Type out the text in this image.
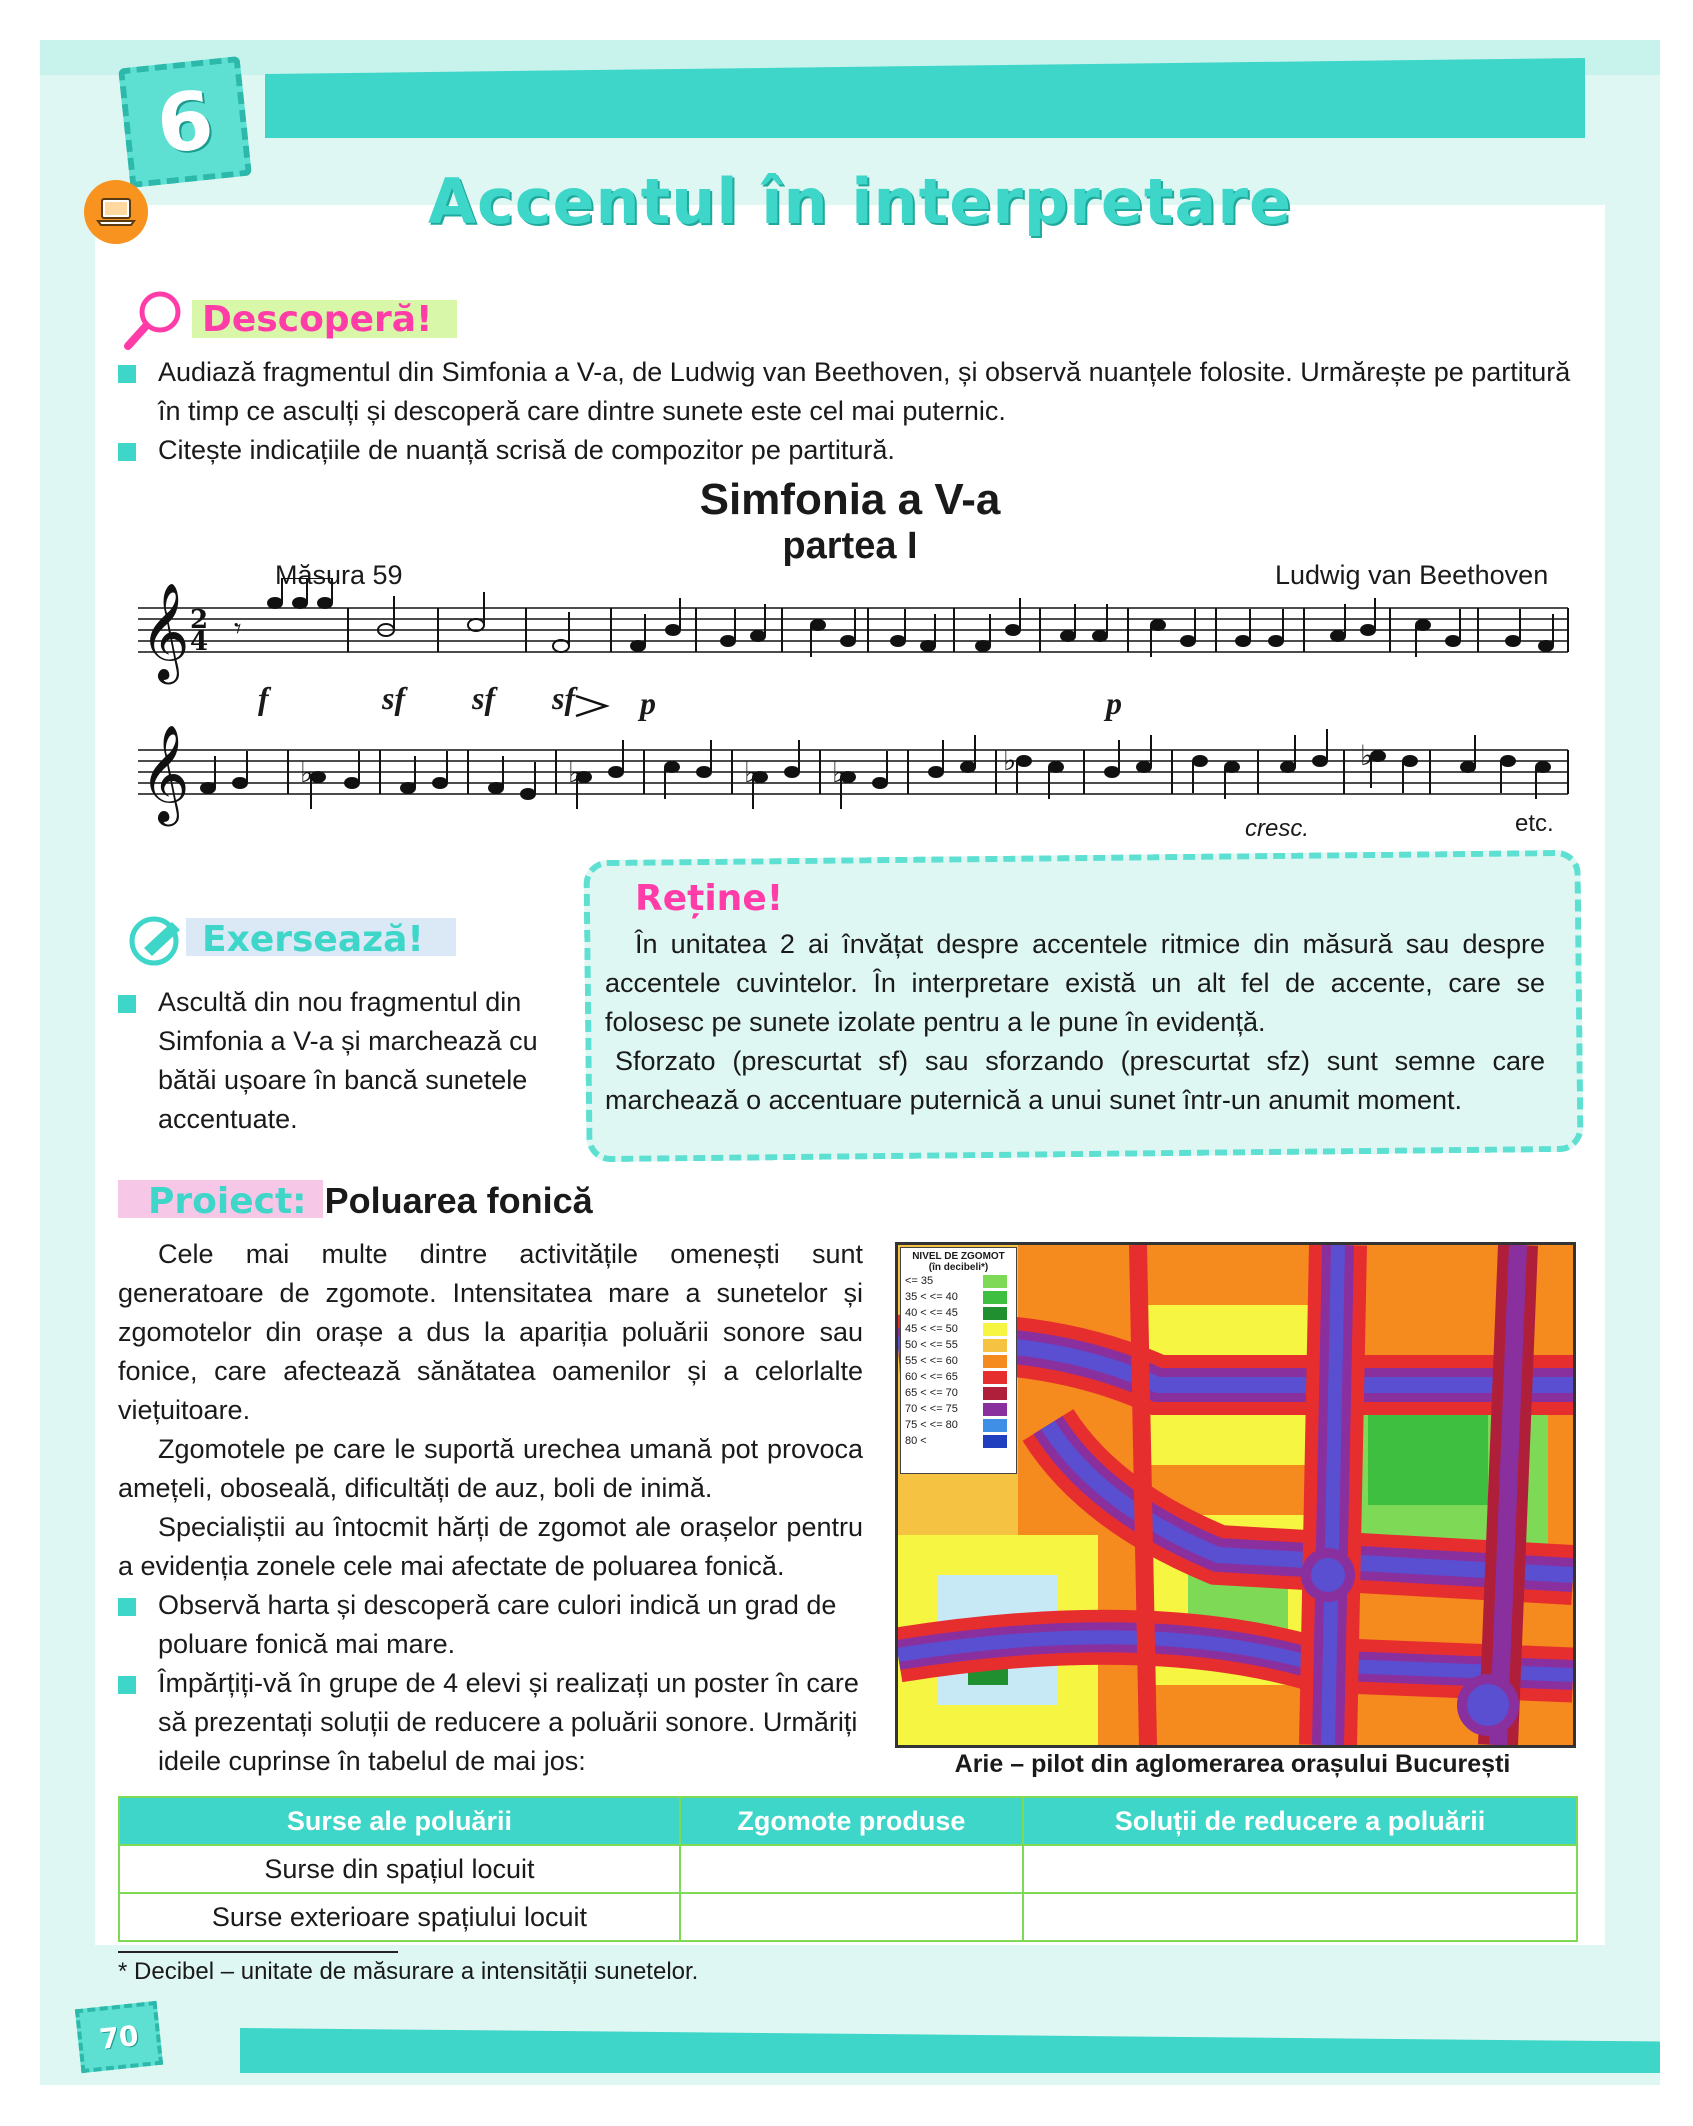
6
Accentul în interpretare
Descoperă!
Audiază fragmentul din Simfonia a V-a, de Ludwig van Beethoven, și observă nuanțele folosite. Urmărește pe partitură în timp ce asculți și descoperă care dintre sunete este cel mai puternic.
Citește indicațiile de nuanță scrisă de compozitor pe partitură.
Simfonia a V-a
partea I
Măsura 59	Ludwig van Beethoven
𝄞
𝄞
2
4 𝄾
♭	♭	♭	♭	♭	♭
f	sf sf sf p	p
cresc.	etc.
Exersează!
Ascultă din nou fragmentul din Simfonia a V-a și marchează cu bătăi ușoare în bancă sunetele accentuate.
Reține!
În unitatea 2 ai învățat despre accentele ritmice din măsură sau despre accentele cuvintelor. În interpretare există un alt fel de accente, care se folosesc pe sunete izolate pentru a le pune în evidență.
Sforzato (prescurtat sf) sau sforzando (prescurtat sfz) sunt semne care marchează o accentuare puternică a unui sunet într-un anumit moment.
Proiect: Poluarea fonică

Cele mai multe dintre activitățile omenești sunt generatoare de zgomote. Intensitatea mare a sunetelor și zgomotelor din orașe a dus la apariția poluării sonore sau fonice, care afectează sănătatea oamenilor și a celorlalte viețuitoare.

Zgomotele pe care le suportă urechea umană pot provoca amețeli, oboseală, dificultăți de auz, boli de inimă.

Specialiștii au întocmit hărți de zgomot ale orașelor pentru a evidenția zonele cele mai afectate de poluarea fonică.

Observă harta și descoperă care culori indică un grad de poluare fonică mai mare.
Împărțiți-vă în grupe de 4 elevi și realizați un poster în care să prezentați soluții de reducere a poluării sonore. Urmăriți ideile cuprinse în tabelul de mai jos:
NIVEL DE ZGOMOT
(în decibeli*)
<= 35
35 < <= 40
40 < <= 45
45 < <= 50
50 < <= 55
55 < <= 60
60 < <= 65
65 < <= 70
70 < <= 75
75 < <= 80
80 <
Arie – pilot din aglomerarea orașului București
Surse ale poluării	Zgomote produse	Soluții de reducere a poluării
Surse din spațiul locuit		
Surse exterioare spațiului locuit		
* Decibel – unitate de măsurare a intensității sunetelor.
70
